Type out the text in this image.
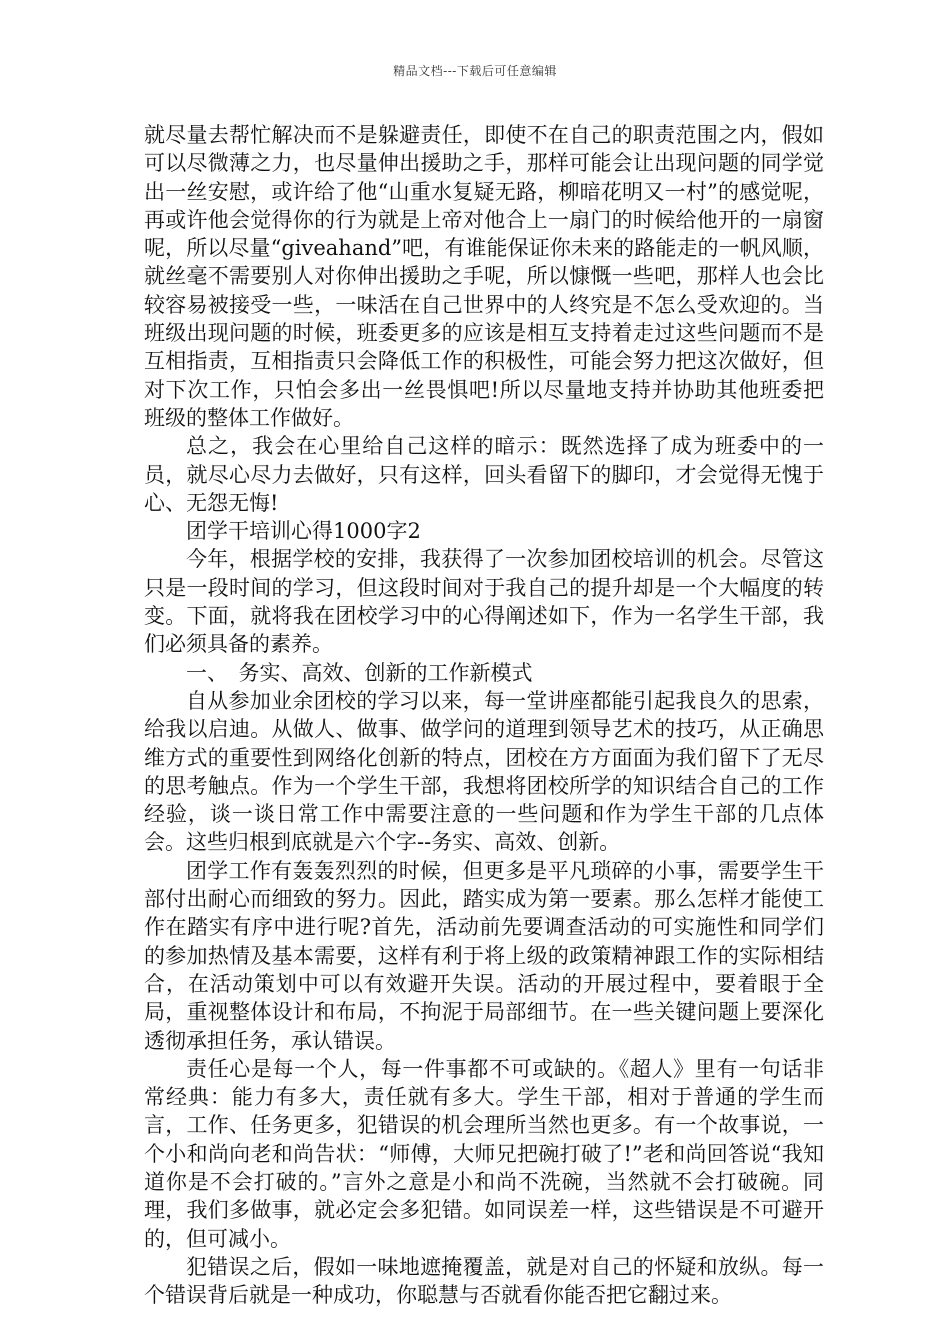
精品文档---下载后可任意编辑

就尽量去帮忙解决而不是躲避责任，即使不在自己的职责范围之内，假如可以尽微薄之力，也尽量伸出援助之手，那样可能会让出现问题的同学觉出一丝安慰，或许给了他“山重水复疑无路，柳暗花明又一村”的感觉呢，再或许他会觉得你的行为就是上帝对他合上一扇门的时候给他开的一扇窗呢，所以尽量“giveahand”吧，有谁能保证你未来的路能走的一帆风顺，就丝毫不需要别人对你伸出援助之手呢，所以慷慨一些吧，那样人也会比较容易被接受一些，一味活在自己世界中的人终究是不怎么受欢迎的。当班级出现问题的时候，班委更多的应该是相互支持着走过这些问题而不是互相指责，互相指责只会降低工作的积极性，可能会努力把这次做好，但对下次工作，只怕会多出一丝畏惧吧!所以尽量地支持并协助其他班委把班级的整体工作做好。

总之，我会在心里给自己这样的暗示：既然选择了成为班委中的一员，就尽心尽力去做好，只有这样，回头看留下的脚印，才会觉得无愧于心、无怨无悔!

团学干培训心得1000字2

今年，根据学校的安排，我获得了一次参加团校培训的机会。尽管这只是一段时间的学习，但这段时间对于我自己的提升却是一个大幅度的转变。下面，就将我在团校学习中的心得阐述如下，作为一名学生干部，我们必须具备的素养。

一、　务实、高效、创新的工作新模式

自从参加业余团校的学习以来，每一堂讲座都能引起我良久的思索，给我以启迪。从做人、做事、做学问的道理到领导艺术的技巧，从正确思维方式的重要性到网络化创新的特点，团校在方方面面为我们留下了无尽的思考触点。作为一个学生干部，我想将团校所学的知识结合自己的工作经验，谈一谈日常工作中需要注意的一些问题和作为学生干部的几点体会。这些归根到底就是六个字--务实、高效、创新。

团学工作有轰轰烈烈的时候，但更多是平凡琐碎的小事，需要学生干部付出耐心而细致的努力。因此，踏实成为第一要素。那么怎样才能使工作在踏实有序中进行呢?首先，活动前先要调查活动的可实施性和同学们的参加热情及基本需要，这样有利于将上级的政策精神跟工作的实际相结合，在活动策划中可以有效避开失误。活动的开展过程中，要着眼于全局，重视整体设计和布局，不拘泥于局部细节。在一些关键问题上要深化透彻承担任务，承认错误。

责任心是每一个人，每一件事都不可或缺的。《超人》里有一句话非常经典：能力有多大，责任就有多大。学生干部，相对于普通的学生而言，工作、任务更多，犯错误的机会理所当然也更多。有一个故事说，一个小和尚向老和尚告状：“师傅，大师兄把碗打破了!”老和尚回答说“我知道你是不会打破的。”言外之意是小和尚不洗碗，当然就不会打破碗。同理，我们多做事，就必定会多犯错。如同误差一样，这些错误是不可避开的，但可减小。

犯错误之后，假如一味地遮掩覆盖，就是对自己的怀疑和放纵。每一个错误背后就是一种成功，你聪慧与否就看你能否把它翻过来。
